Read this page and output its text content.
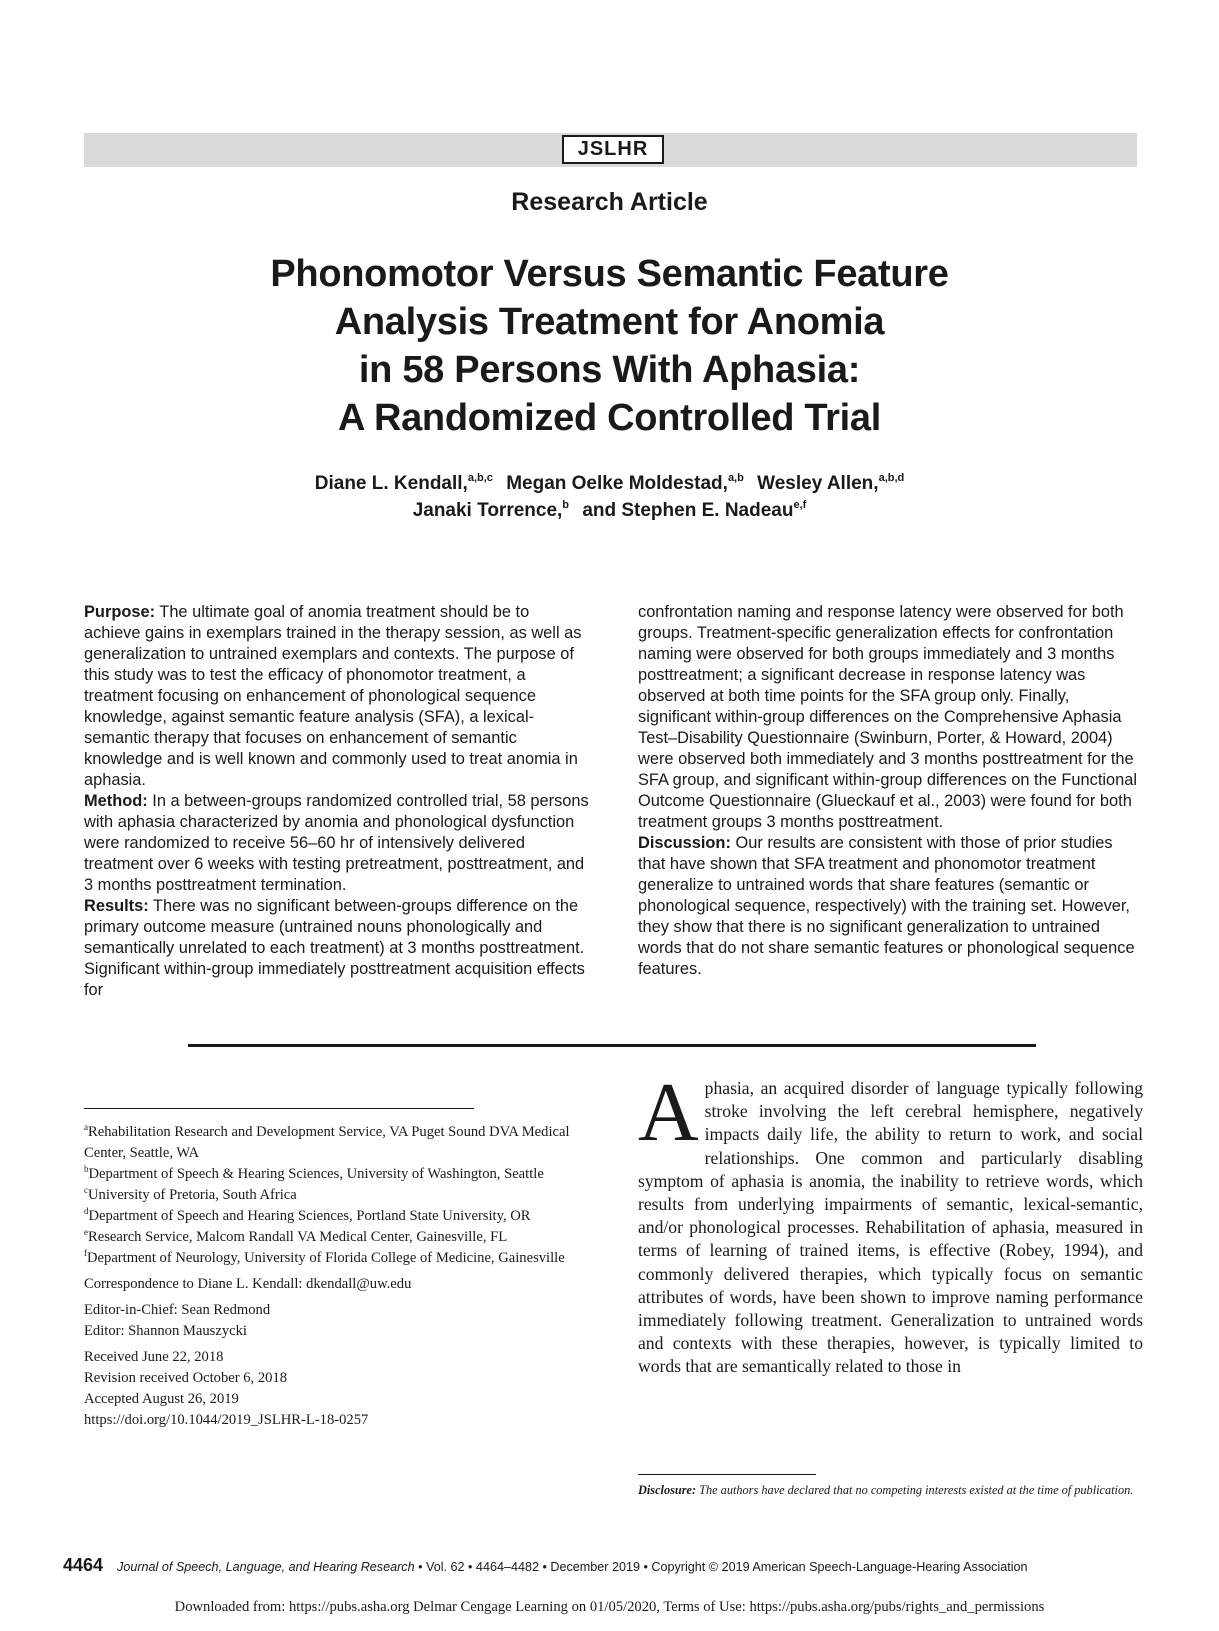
JSLHR
Research Article
Phonomotor Versus Semantic Feature
Analysis Treatment for Anomia
in 58 Persons With Aphasia:
A Randomized Controlled Trial
Diane L. Kendall,$^{a,b,c}$ Megan Oelke Moldestad,$^{a,b}$ Wesley Allen,$^{a,b,d}$
Janaki Torrence,$^b$ and Stephen E. Nadeau$^{e,f}$

Purpose: The ultimate goal of anomia treatment should be to achieve gains in exemplars trained in the therapy session, as well as generalization to untrained exemplars and contexts. The purpose of this study was to test the efficacy of phonomotor treatment, a treatment focusing on enhancement of phonological sequence knowledge, against semantic feature analysis (SFA), a lexical-semantic therapy that focuses on enhancement of semantic knowledge and is well known and commonly used to treat anomia in aphasia.

Method: In a between-groups randomized controlled trial, 58 persons with aphasia characterized by anomia and phonological dysfunction were randomized to receive 56–60 hr of intensively delivered treatment over 6 weeks with testing pretreatment, posttreatment, and 3 months posttreatment termination.

Results: There was no significant between-groups difference on the primary outcome measure (untrained nouns phonologically and semantically unrelated to each treatment) at 3 months posttreatment. Significant within-group immediately posttreatment acquisition effects for

confrontation naming and response latency were observed for both groups. Treatment-specific generalization effects for confrontation naming were observed for both groups immediately and 3 months posttreatment; a significant decrease in response latency was observed at both time points for the SFA group only. Finally, significant within-group differences on the Comprehensive Aphasia Test–Disability Questionnaire (Swinburn, Porter, & Howard, 2004) were observed both immediately and 3 months posttreatment for the SFA group, and significant within-group differences on the Functional Outcome Questionnaire (Glueckauf et al., 2003) were found for both treatment groups 3 months posttreatment.

Discussion: Our results are consistent with those of prior studies that have shown that SFA treatment and phonomotor treatment generalize to untrained words that share features (semantic or phonological sequence, respectively) with the training set. However, they show that there is no significant generalization to untrained words that do not share semantic features or phonological sequence features.

$^a$Rehabilitation Research and Development Service, VA Puget Sound DVA Medical Center, Seattle, WA

$^b$Department of Speech & Hearing Sciences, University of Washington, Seattle

$^c$University of Pretoria, South Africa

$^d$Department of Speech and Hearing Sciences, Portland State University, OR

$^e$Research Service, Malcom Randall VA Medical Center, Gainesville, FL

$^f$Department of Neurology, University of Florida College of Medicine, Gainesville

Correspondence to Diane L. Kendall: dkendall@uw.edu

Editor-in-Chief: Sean Redmond

Editor: Shannon Mauszycki

Received June 22, 2018

Revision received October 6, 2018

Accepted August 26, 2019

https://doi.org/10.1044/2019_JSLHR-L-18-0257

Aphasia, an acquired disorder of language typically following stroke involving the left cerebral hemisphere, negatively impacts daily life, the ability to return to work, and social relationships. One common and particularly disabling symptom of aphasia is anomia, the inability to retrieve words, which results from underlying impairments of semantic, lexical-semantic, and/or phonological processes. Rehabilitation of aphasia, measured in terms of learning of trained items, is effective (Robey, 1994), and commonly delivered therapies, which typically focus on semantic attributes of words, have been shown to improve naming performance immediately following treatment. Generalization to untrained words and contexts with these therapies, however, is typically limited to words that are semantically related to those in
Disclosure: The authors have declared that no competing interests existed at the time of publication.
4464 Journal of Speech, Language, and Hearing Research • Vol. 62 • 4464–4482 • December 2019 • Copyright © 2019 American Speech-Language-Hearing Association
Downloaded from: https://pubs.asha.org Delmar Cengage Learning on 01/05/2020, Terms of Use: https://pubs.asha.org/pubs/rights_and_permissions
